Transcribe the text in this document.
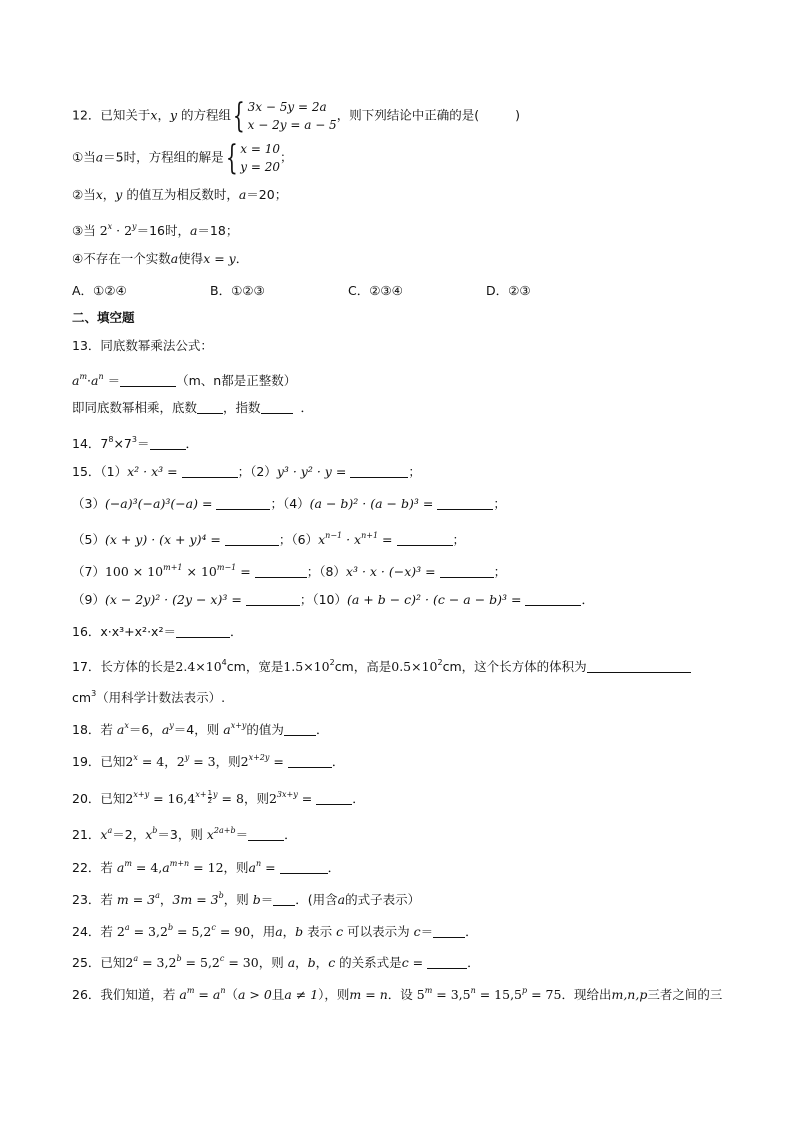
12．已知关于x，y 的方程组 { 3x − 5y = 2a
x − 2y = a − 5
，则下列结论中正确的是(	)
①当a＝5时，方程组的解是 { x = 10
y = 20
；
②当x，y 的值互为相反数时，a＝20；
③当 $2^x \cdot 2^y=16$时，a＝18；
④不存在一个实数a使得x = y．
A．①②④	B．①②③	C．②③④	D．②③
二、填空题
13．同底数幂乘法公式：
$a^m\cdot a^n$ ＝	（m、n都是正整数）
即同底数幂相乘，底数 ，指数	．
14．$7^8\times 7^3=$	．
15．（1）x² · x³ =	；（2）y³ · y² · y =	；
（3）(−a)³(−a)³(−a) =	；（4）(a − b)² · (a − b)³ =	；
（5）(x + y) · (x + y)⁴ =	；$(6)x^{n-1} \cdot x^{n+1}$ =	；
$(7)100 \times 10^{m+1} \times 10^{m-1}$ =	；（8）x³ · x · (−x)³ =	；
（9）(x − 2y)² · (2y − x)³ =	；（10）(a + b − c)² · (c − a − b)³ =	．
16．x·x³+x²·x²＝	．
17．长方体的长是$2.4\times 10^4cm$，宽是$1.5\times 10^2cm$，高是$0.5\times 10^2cm$，这个长方体的体积为
$cm^3$（用科学计数法表示）.
18．若 $a^x=6$，$a^y=4$，则 $a^{x+y}$的值为	．
19．已知$2^x = 4$，$2^y = 3$，则$2^{x+2y}$ =	．
20．已知$2^{x+y} = 16,4^{x+} \frac{1}{2} ^y = 8$，则$2^{3x+y}$ =	．
21．$x^a=2$，$x^b=3$，则 $x^{2a+b}=$	．
22．若 $a^m = 4,a^{m+n} = 12$，则$a^n$ =	．
23．若 $m = 3^a$，$3m = 3^b$，则 b＝ ．(用含a的式子表示）
24．若 $2^a = 3,2^b = 5,2^c = 90$，用a，b 表示 c 可以表示为 c＝	．
25．已知$2^a = 3,2^b = 5,2^c = 30$，则 a，b，c 的关系式是c =	．
26．我们知道，若 $a^m = a^n(a > 0$且a ≠ 1），则m = n．设 $5^m = 3,5^n = 15,5^p = 75$．现给出m,n,p三者之间的三
